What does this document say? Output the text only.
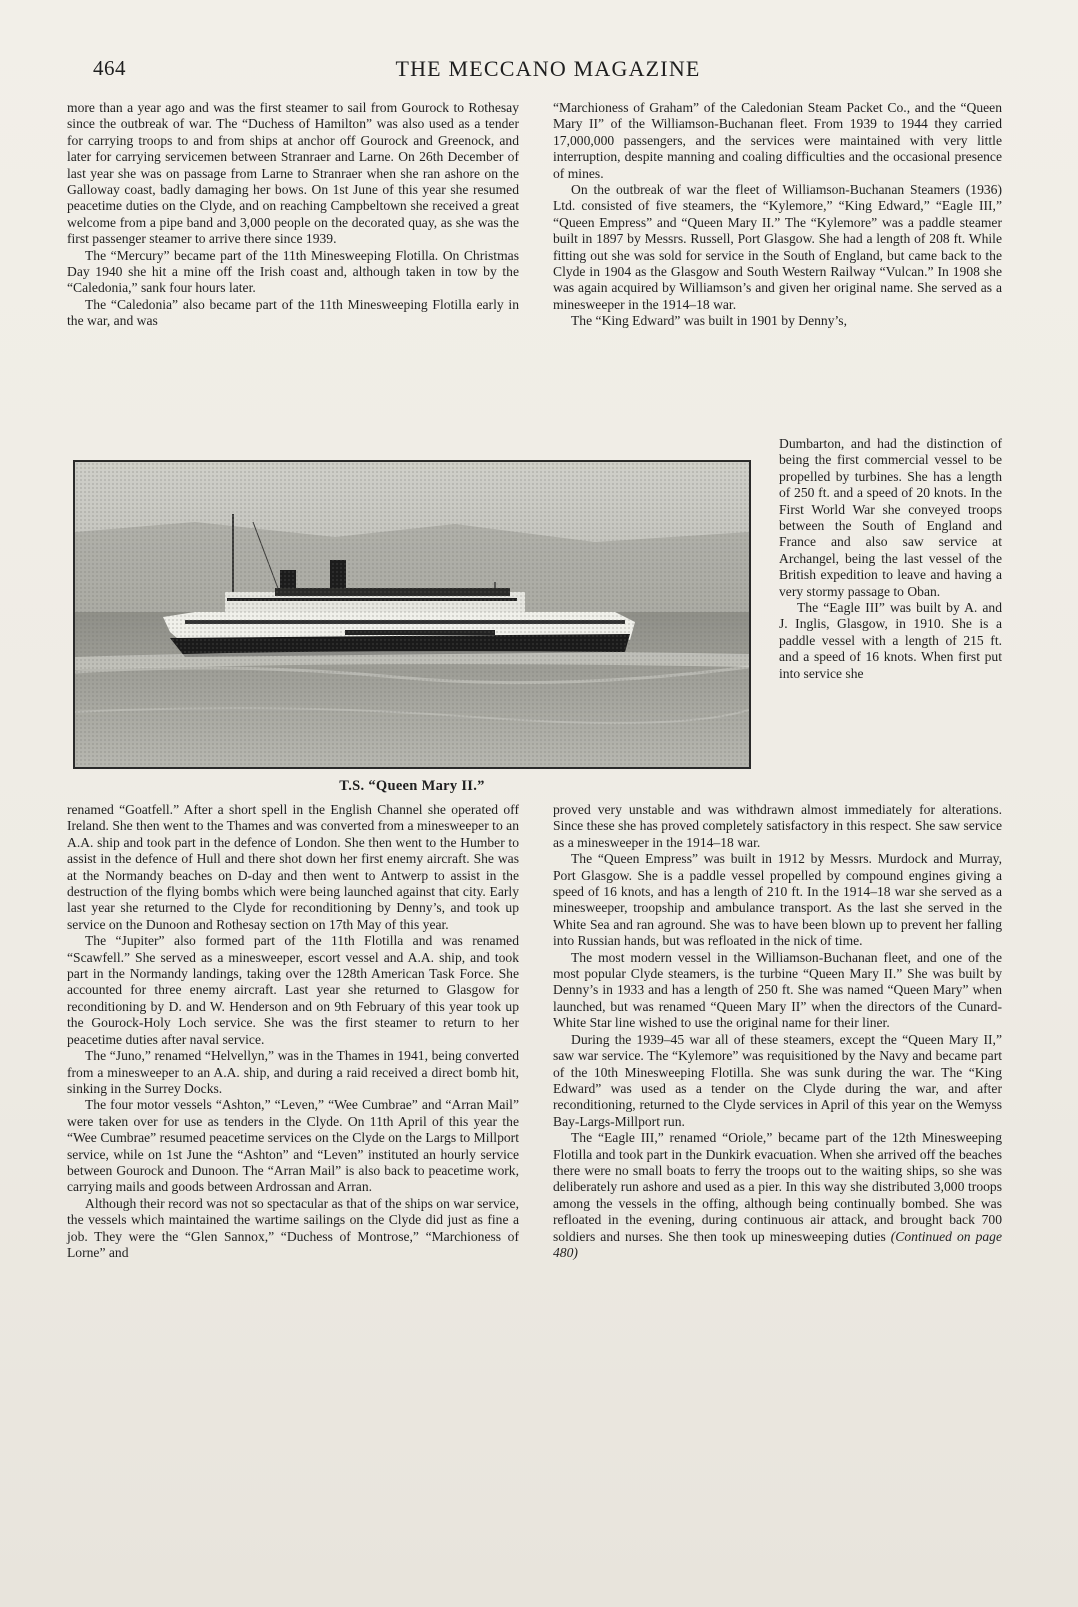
464	THE MECCANO MAGAZINE

more than a year ago and was the first steamer to sail from Gourock to Rothesay since the outbreak of war. The “Duchess of Hamilton” was also used as a tender for carrying troops to and from ships at anchor off Gourock and Greenock, and later for carrying servicemen between Stranraer and Larne. On 26th December of last year she was on passage from Larne to Stranraer when she ran ashore on the Galloway coast, badly damaging her bows. On 1st June of this year she resumed peacetime duties on the Clyde, and on reaching Campbeltown she received a great welcome from a pipe band and 3,000 people on the decorated quay, as she was the first passenger steamer to arrive there since 1939.

The “Mercury” became part of the 11th Minesweeping Flotilla. On Christmas Day 1940 she hit a mine off the Irish coast and, although taken in tow by the “Caledonia,” sank four hours later.

The “Caledonia” also became part of the 11th Minesweeping Flotilla early in the war, and was

“Marchioness of Graham” of the Caledonian Steam Packet Co., and the “Queen Mary II” of the Williamson-Buchanan fleet. From 1939 to 1944 they carried 17,000,000 passengers, and the services were maintained with very little interruption, despite manning and coaling difficulties and the occasional presence of mines.

On the outbreak of war the fleet of Williamson-Buchanan Steamers (1936) Ltd. consisted of five steamers, the “Kylemore,” “King Edward,” “Eagle III,” “Queen Empress” and “Queen Mary II.” The “Kylemore” was a paddle steamer built in 1897 by Messrs. Russell, Port Glasgow. She had a length of 208 ft. While fitting out she was sold for service in the South of England, but came back to the Clyde in 1904 as the Glasgow and South Western Railway “Vulcan.” In 1908 she was again acquired by Williamson’s and given her original name. She served as a minesweeper in the 1914–18 war.

The “King Edward” was built in 1901 by Denny’s,

Dumbarton, and had the distinction of being the first commercial vessel to be propelled by turbines. She has a length of 250 ft. and a speed of 20 knots. In the First World War she conveyed troops between the South of England and France and also saw service at Archangel, being the last vessel of the British expedition to leave and having a very stormy passage to Oban.

The “Eagle III” was built by A. and J. Inglis, Glasgow, in 1910. She is a paddle vessel with a length of 215 ft. and a speed of 16 knots. When first put into service she

T.S. “Queen Mary II.”

renamed “Goatfell.” After a short spell in the English Channel she operated off Ireland. She then went to the Thames and was converted from a minesweeper to an A.A. ship and took part in the defence of London. She then went to the Humber to assist in the defence of Hull and there shot down her first enemy aircraft. She was at the Normandy beaches on D-day and then went to Antwerp to assist in the destruction of the flying bombs which were being launched against that city. Early last year she returned to the Clyde for reconditioning by Denny’s, and took up service on the Dunoon and Rothesay section on 17th May of this year.

The “Jupiter” also formed part of the 11th Flotilla and was renamed “Scawfell.” She served as a minesweeper, escort vessel and A.A. ship, and took part in the Normandy landings, taking over the 128th American Task Force. She accounted for three enemy aircraft. Last year she returned to Glasgow for reconditioning by D. and W. Henderson and on 9th February of this year took up the Gourock-Holy Loch service. She was the first steamer to return to her peacetime duties after naval service.

The “Juno,” renamed “Helvellyn,” was in the Thames in 1941, being converted from a minesweeper to an A.A. ship, and during a raid received a direct bomb hit, sinking in the Surrey Docks.

The four motor vessels “Ashton,” “Leven,” “Wee Cumbrae” and “Arran Mail” were taken over for use as tenders in the Clyde. On 11th April of this year the “Wee Cumbrae” resumed peacetime services on the Clyde on the Largs to Millport service, while on 1st June the “Ashton” and “Leven” instituted an hourly service between Gourock and Dunoon. The “Arran Mail” is also back to peacetime work, carrying mails and goods between Ardrossan and Arran.

Although their record was not so spectacular as that of the ships on war service, the vessels which maintained the wartime sailings on the Clyde did just as fine a job. They were the “Glen Sannox,” “Duchess of Montrose,” “Marchioness of Lorne” and

proved very unstable and was withdrawn almost immediately for alterations. Since these she has proved completely satisfactory in this respect. She saw service as a minesweeper in the 1914–18 war.

The “Queen Empress” was built in 1912 by Messrs. Murdock and Murray, Port Glasgow. She is a paddle vessel propelled by compound engines giving a speed of 16 knots, and has a length of 210 ft. In the 1914–18 war she served as a minesweeper, troopship and ambulance transport. As the last she served in the White Sea and ran aground. She was to have been blown up to prevent her falling into Russian hands, but was refloated in the nick of time.

The most modern vessel in the Williamson-Buchanan fleet, and one of the most popular Clyde steamers, is the turbine “Queen Mary II.” She was built by Denny’s in 1933 and has a length of 250 ft. She was named “Queen Mary” when launched, but was renamed “Queen Mary II” when the directors of the Cunard-White Star line wished to use the original name for their liner.

During the 1939–45 war all of these steamers, except the “Queen Mary II,” saw war service. The “Kylemore” was requisitioned by the Navy and became part of the 10th Minesweeping Flotilla. She was sunk during the war. The “King Edward” was used as a tender on the Clyde during the war, and after reconditioning, returned to the Clyde services in April of this year on the Wemyss Bay-Largs-Millport run.

The “Eagle III,” renamed “Oriole,” became part of the 12th Minesweeping Flotilla and took part in the Dunkirk evacuation. When she arrived off the beaches there were no small boats to ferry the troops out to the waiting ships, so she was deliberately run ashore and used as a pier. In this way she distributed 3,000 troops among the vessels in the offing, although being continually bombed. She was refloated in the evening, during continuous air attack, and brought back 700 soldiers and nurses. She then took up minesweeping duties (Continued on page 480)
